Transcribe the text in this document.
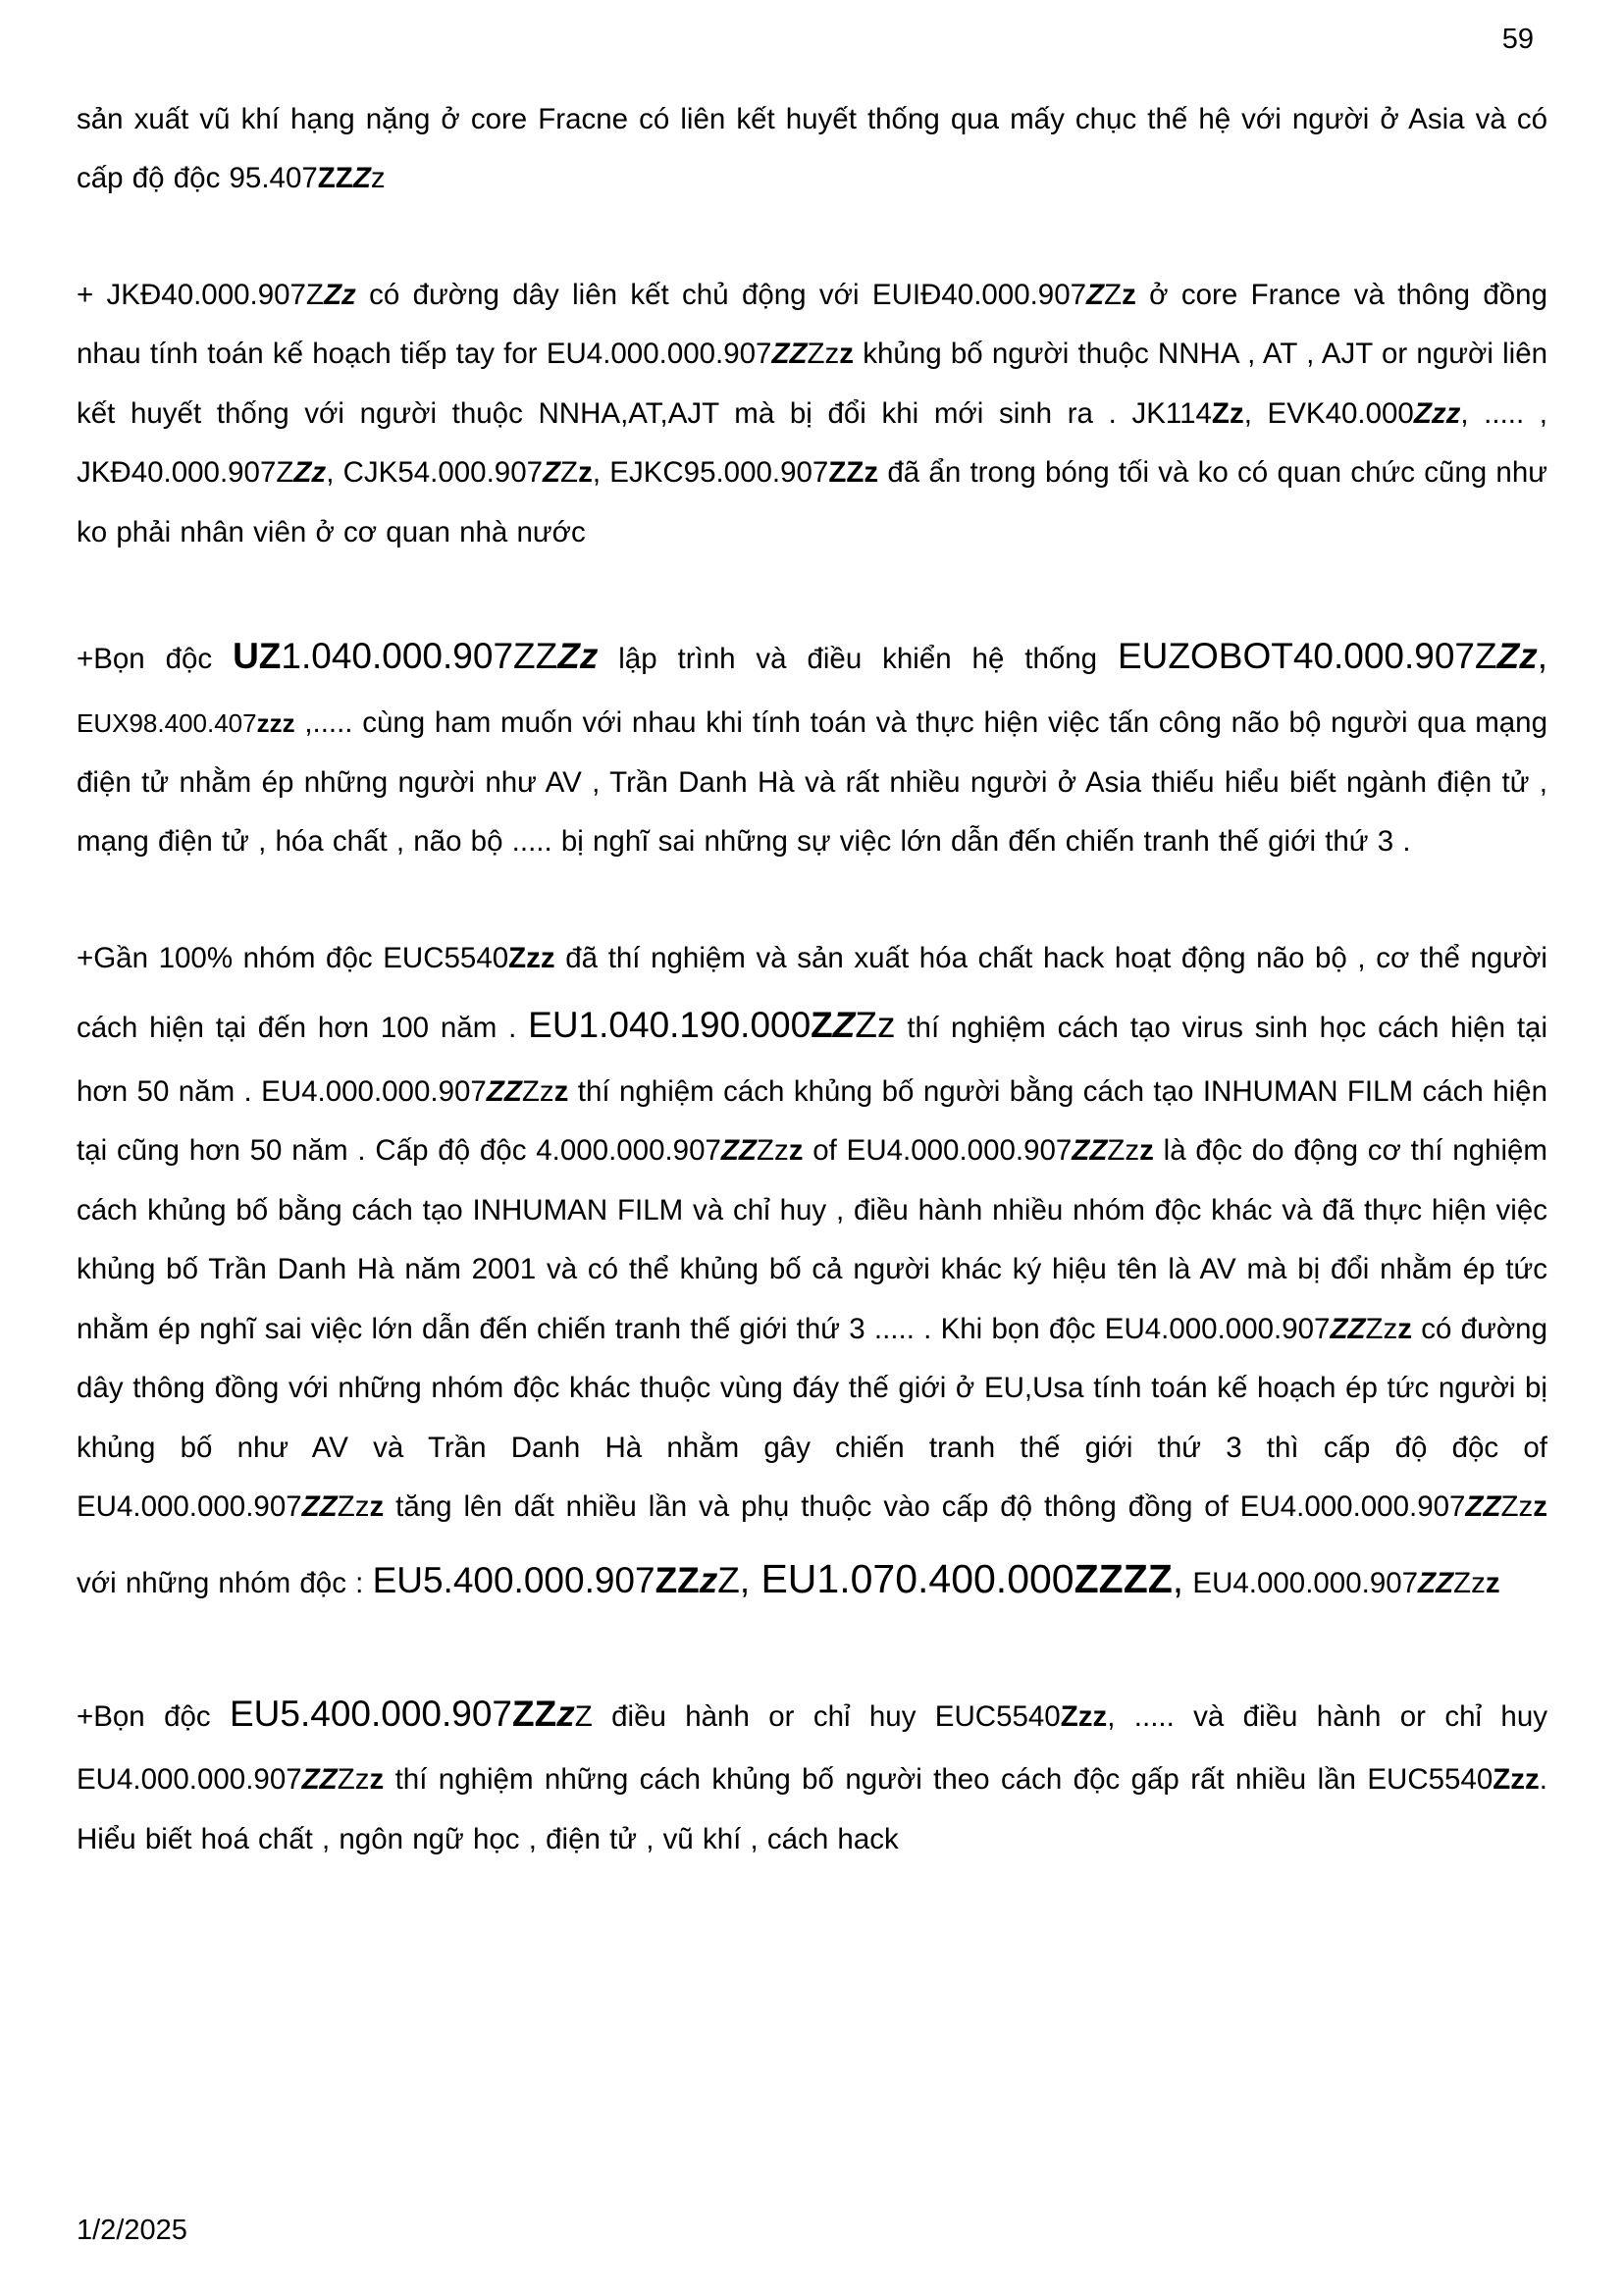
59

sản xuất vũ khí hạng nặng ở core Fracne có liên kết huyết thống qua mấy chục thế hệ với người ở Asia và có cấp độ độc 95.407ZZZz

+ JKĐ40.000.907ZZz có đường dây liên kết chủ động với EUIĐ40.000.907ZZz ở core France và thông đồng nhau tính toán kế hoạch tiếp tay for EU4.000.000.907ZZZzz khủng bố người thuộc NNHA , AT , AJT or người liên kết huyết thống với người thuộc NNHA,AT,AJT mà bị đổi khi mới sinh ra . JK114Zz, EVK40.000Zzz, ..... , JKĐ40.000.907ZZz, CJK54.000.907ZZz, EJKC95.000.907ZZz đã ẩn trong bóng tối và ko có quan chức cũng như ko phải nhân viên ở cơ quan nhà nước

+Bọn độc UZ1.040.000.907ZZZz lập trình và điều khiển hệ thống EUZOBOT40.000.907ZZz, EUX98.400.407zzz ,..... cùng ham muốn với nhau khi tính toán và thực hiện việc tấn công não bộ người qua mạng điện tử nhằm ép những người như AV , Trần Danh Hà và rất nhiều người ở Asia thiếu hiểu biết ngành điện tử , mạng điện tử , hóa chất , não bộ ..... bị nghĩ sai những sự việc lớn dẫn đến chiến tranh thế giới thứ 3 .

+Gần 100% nhóm độc EUC5540Zzz đã thí nghiệm và sản xuất hóa chất hack hoạt động não bộ , cơ thể người cách hiện tại đến hơn 100 năm . EU1.040.190.000ZZZz thí nghiệm cách tạo virus sinh học cách hiện tại hơn 50 năm . EU4.000.000.907ZZZzz thí nghiệm cách khủng bố người bằng cách tạo INHUMAN FILM cách hiện tại cũng hơn 50 năm . Cấp độ độc 4.000.000.907ZZZzz of EU4.000.000.907ZZZzz là độc do động cơ thí nghiệm cách khủng bố bằng cách tạo INHUMAN FILM và chỉ huy , điều hành nhiều nhóm độc khác và đã thực hiện việc khủng bố Trần Danh Hà năm 2001 và có thể khủng bố cả người khác ký hiệu tên là AV mà bị đổi nhằm ép tức nhằm ép nghĩ sai việc lớn dẫn đến chiến tranh thế giới thứ 3 ..... . Khi bọn độc EU4.000.000.907ZZZzz có đường dây thông đồng với những nhóm độc khác thuộc vùng đáy thế giới ở EU,Usa tính toán kế hoạch ép tức người bị khủng bố như AV và Trần Danh Hà nhằm gây chiến tranh thế giới thứ 3 thì cấp độ độc of EU4.000.000.907ZZZzz tăng lên dất nhiều lần và phụ thuộc vào cấp độ thông đồng of EU4.000.000.907ZZZzz với những nhóm độc : EU5.400.000.907ZZzZ, EU1.070.400.000ZZZZ, EU4.000.000.907ZZZzz

+Bọn độc EU5.400.000.907ZZzZ điều hành or chỉ huy EUC5540Zzz, ..... và điều hành or chỉ huy EU4.000.000.907ZZZzz thí nghiệm những cách khủng bố người theo cách độc gấp rất nhiều lần EUC5540Zzz. Hiểu biết hoá chất , ngôn ngữ học , điện tử , vũ khí , cách hack

1/2/2025
